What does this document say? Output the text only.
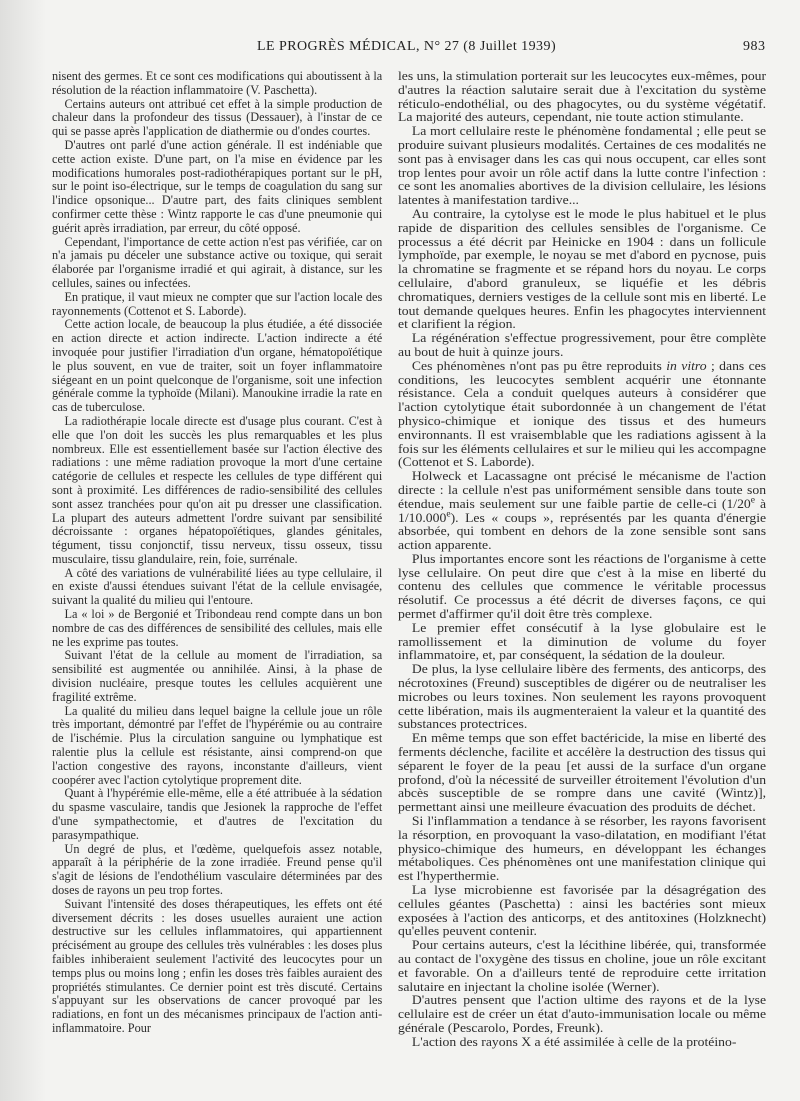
LE PROGRÈS MÉDICAL, N° 27 (8 Juillet 1939)	983

nisent des germes. Et ce sont ces modifications qui aboutissent à la résolution de la réaction inflammatoire (V. Paschetta).

Certains auteurs ont attribué cet effet à la simple production de chaleur dans la profondeur des tissus (Dessauer), à l'instar de ce qui se passe après l'application de diathermie ou d'ondes courtes.

D'autres ont parlé d'une action générale. Il est indéniable que cette action existe. D'une part, on l'a mise en évidence par les modifications humorales post-radiothérapiques portant sur le pH, sur le point iso-électrique, sur le temps de coagulation du sang sur l'indice opsonique... D'autre part, des faits cliniques semblent confirmer cette thèse : Wintz rapporte le cas d'une pneumonie qui guérit après irradiation, par erreur, du côté opposé.

Cependant, l'importance de cette action n'est pas vérifiée, car on n'a jamais pu déceler une substance active ou toxique, qui serait élaborée par l'organisme irradié et qui agirait, à distance, sur les cellules, saines ou infectées.

En pratique, il vaut mieux ne compter que sur l'action locale des rayonnements (Cottenot et S. Laborde).

Cette action locale, de beaucoup la plus étudiée, a été dissociée en action directe et action indirecte. L'action indirecte a été invoquée pour justifier l'irradiation d'un organe, hématopoïétique le plus souvent, en vue de traiter, soit un foyer inflammatoire siégeant en un point quelconque de l'organisme, soit une infection générale comme la typhoïde (Milani). Manoukine irradie la rate en cas de tuberculose.

La radiothérapie locale directe est d'usage plus courant. C'est à elle que l'on doit les succès les plus remarquables et les plus nombreux. Elle est essentiellement basée sur l'action élective des radiations : une même radiation provoque la mort d'une certaine catégorie de cellules et respecte les cellules de type différent qui sont à proximité. Les différences de radio-sensibilité des cellules sont assez tranchées pour qu'on ait pu dresser une classification. La plupart des auteurs admettent l'ordre suivant par sensibilité décroissante : organes hépatopoïétiques, glandes génitales, tégument, tissu conjonctif, tissu nerveux, tissu osseux, tissu musculaire, tissu glandulaire, rein, foie, surrénale.

A côté des variations de vulnérabilité liées au type cellulaire, il en existe d'aussi étendues suivant l'état de la cellule envisagée, suivant la qualité du milieu qui l'entoure.

La « loi » de Bergonié et Tribondeau rend compte dans un bon nombre de cas des différences de sensibilité des cellules, mais elle ne les exprime pas toutes.

Suivant l'état de la cellule au moment de l'irradiation, sa sensibilité est augmentée ou annihilée. Ainsi, à la phase de division nucléaire, presque toutes les cellules acquièrent une fragilité extrême.

La qualité du milieu dans lequel baigne la cellule joue un rôle très important, démontré par l'effet de l'hypérémie ou au contraire de l'ischémie. Plus la circulation sanguine ou lymphatique est ralentie plus la cellule est résistante, ainsi comprend-on que l'action congestive des rayons, inconstante d'ailleurs, vient coopérer avec l'action cytolytique proprement dite.

Quant à l'hypérémie elle-même, elle a été attribuée à la sédation du spasme vasculaire, tandis que Jesionek la rapproche de l'effet d'une sympathectomie, et d'autres de l'excitation du parasympathique.

Un degré de plus, et l'œdème, quelquefois assez notable, apparaît à la périphérie de la zone irradiée. Freund pense qu'il s'agit de lésions de l'endothélium vasculaire déterminées par des doses de rayons un peu trop fortes.

Suivant l'intensité des doses thérapeutiques, les effets ont été diversement décrits : les doses usuelles auraient une action destructive sur les cellules inflammatoires, qui appartiennent précisément au groupe des cellules très vulnérables : les doses plus faibles inhiberaient seulement l'activité des leucocytes pour un temps plus ou moins long ; enfin les doses très faibles auraient des propriétés stimulantes. Ce dernier point est très discuté. Certains s'appuyant sur les observations de cancer provoqué par les radiations, en font un des mécanismes principaux de l'action anti-inflammatoire. Pour

les uns, la stimulation porterait sur les leucocytes eux-mêmes, pour d'autres la réaction salutaire serait due à l'excitation du système réticulo-endothélial, ou des phagocytes, ou du système végétatif. La majorité des auteurs, cependant, nie toute action stimulante.

La mort cellulaire reste le phénomène fondamental ; elle peut se produire suivant plusieurs modalités. Certaines de ces modalités ne sont pas à envisager dans les cas qui nous occupent, car elles sont trop lentes pour avoir un rôle actif dans la lutte contre l'infection : ce sont les anomalies abortives de la division cellulaire, les lésions latentes à manifestation tardive...

Au contraire, la cytolyse est le mode le plus habituel et le plus rapide de disparition des cellules sensibles de l'organisme. Ce processus a été décrit par Heinicke en 1904 : dans un follicule lymphoïde, par exemple, le noyau se met d'abord en pycnose, puis la chromatine se fragmente et se répand hors du noyau. Le corps cellulaire, d'abord granuleux, se liquéfie et les débris chromatiques, derniers vestiges de la cellule sont mis en liberté. Le tout demande quelques heures. Enfin les phagocytes interviennent et clarifient la région.

La régénération s'effectue progressivement, pour être complète au bout de huit à quinze jours.

Ces phénomènes n'ont pas pu être reproduits in vitro ; dans ces conditions, les leucocytes semblent acquérir une étonnante résistance. Cela a conduit quelques auteurs à considérer que l'action cytolytique était subordonnée à un changement de l'état physico-chimique et ionique des tissus et des humeurs environnants. Il est vraisemblable que les radiations agissent à la fois sur les éléments cellulaires et sur le milieu qui les accompagne (Cottenot et S. Laborde).

Holweck et Lacassagne ont précisé le mécanisme de l'action directe : la cellule n'est pas uniformément sensible dans toute son étendue, mais seulement sur une faible partie de celle-ci (1/20e à 1/10.000e). Les « coups », représentés par les quanta d'énergie absorbée, qui tombent en dehors de la zone sensible sont sans action apparente.

Plus importantes encore sont les réactions de l'organisme à cette lyse cellulaire. On peut dire que c'est à la mise en liberté du contenu des cellules que commence le véritable processus résolutif. Ce processus a été décrit de diverses façons, ce qui permet d'affirmer qu'il doit être très complexe.

Le premier effet consécutif à la lyse globulaire est le ramollissement et la diminution de volume du foyer inflammatoire, et, par conséquent, la sédation de la douleur.

De plus, la lyse cellulaire libère des ferments, des anticorps, des nécrotoxines (Freund) susceptibles de digérer ou de neutraliser les microbes ou leurs toxines. Non seulement les rayons provoquent cette libération, mais ils augmenteraient la valeur et la quantité des substances protectrices.

En même temps que son effet bactéricide, la mise en liberté des ferments déclenche, facilite et accélère la destruction des tissus qui séparent le foyer de la peau [et aussi de la surface d'un organe profond, d'où la nécessité de surveiller étroitement l'évolution d'un abcès susceptible de se rompre dans une cavité (Wintz)], permettant ainsi une meilleure évacuation des produits de déchet.

Si l'inflammation a tendance à se résorber, les rayons favorisent la résorption, en provoquant la vaso-dilatation, en modifiant l'état physico-chimique des humeurs, en développant les échanges métaboliques. Ces phénomènes ont une manifestation clinique qui est l'hyperthermie.

La lyse microbienne est favorisée par la désagrégation des cellules géantes (Paschetta) : ainsi les bactéries sont mieux exposées à l'action des anticorps, et des antitoxines (Holzknecht) qu'elles peuvent contenir.

Pour certains auteurs, c'est la lécithine libérée, qui, transformée au contact de l'oxygène des tissus en choline, joue un rôle excitant et favorable. On a d'ailleurs tenté de reproduire cette irritation salutaire en injectant la choline isolée (Werner).

D'autres pensent que l'action ultime des rayons et de la lyse cellulaire est de créer un état d'auto-immunisation locale ou même générale (Pescarolo, Pordes, Freunk).

L'action des rayons X a été assimilée à celle de la protéino-
